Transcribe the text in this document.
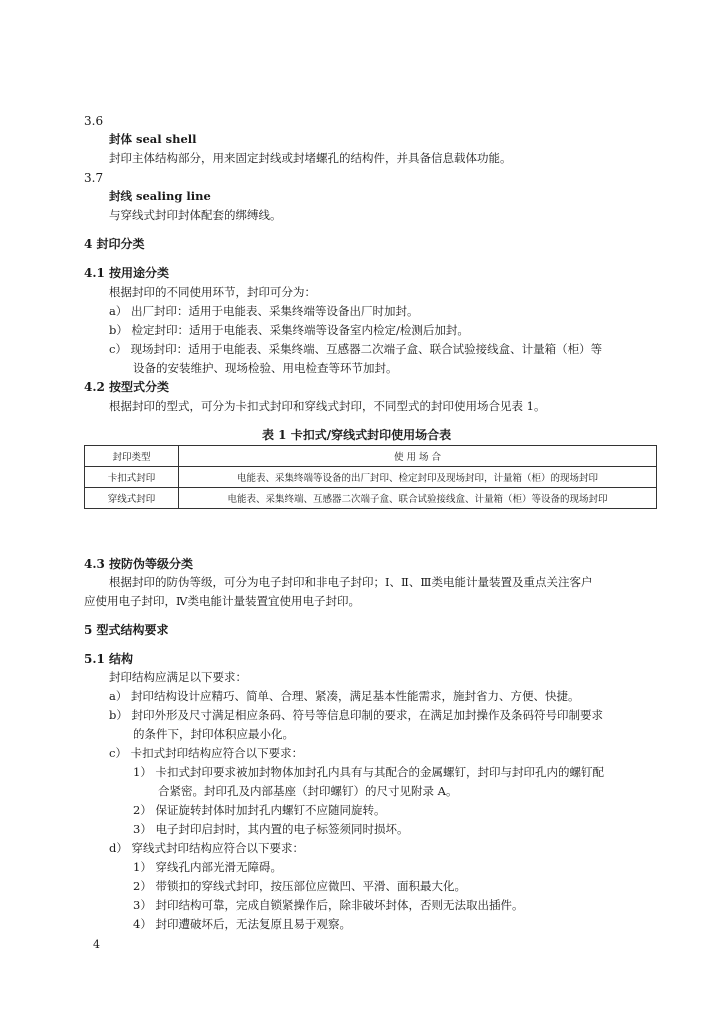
3.6
封体 seal shell
封印主体结构部分，用来固定封线或封堵螺孔的结构件，并具备信息载体功能。
3.7
封线 sealing line
与穿线式封印封体配套的绑缚线。
4 封印分类
4.1 按用途分类
根据封印的不同使用环节，封印可分为：
a） 出厂封印：适用于电能表、采集终端等设备出厂时加封。
b） 检定封印：适用于电能表、采集终端等设备室内检定/检测后加封。
c） 现场封印：适用于电能表、采集终端、互感器二次端子盒、联合试验接线盒、计量箱（柜）等
设备的安装维护、现场检验、用电检查等环节加封。
4.2 按型式分类
根据封印的型式，可分为卡扣式封印和穿线式封印，不同型式的封印使用场合见表 1。
表 1 卡扣式/穿线式封印使用场合表
封印类型	使 用 场 合
卡扣式封印	电能表、采集终端等设备的出厂封印、检定封印及现场封印，计量箱（柜）的现场封印
穿线式封印	电能表、采集终端、互感器二次端子盒、联合试验接线盒、计量箱（柜）等设备的现场封印
4.3 按防伪等级分类
根据封印的防伪等级，可分为电子封印和非电子封印；Ⅰ、Ⅱ、Ⅲ类电能计量装置及重点关注客户
应使用电子封印，Ⅳ类电能计量装置宜使用电子封印。
5 型式结构要求
5.1 结构
封印结构应满足以下要求：
a） 封印结构设计应精巧、简单、合理、紧凑，满足基本性能需求，施封省力、方便、快捷。
b） 封印外形及尺寸满足相应条码、符号等信息印制的要求，在满足加封操作及条码符号印制要求
的条件下，封印体积应最小化。
c） 卡扣式封印结构应符合以下要求：
1） 卡扣式封印要求被加封物体加封孔内具有与其配合的金属螺钉，封印与封印孔内的螺钉配
合紧密。封印孔及内部基座（封印螺钉）的尺寸见附录 A。
2） 保证旋转封体时加封孔内螺钉不应随同旋转。
3） 电子封印启封时，其内置的电子标签须同时损坏。
d） 穿线式封印结构应符合以下要求：
1） 穿线孔内部光滑无障碍。
2） 带锁扣的穿线式封印，按压部位应微凹、平滑、面积最大化。
3） 封印结构可靠，完成自锁紧操作后，除非破坏封体，否则无法取出插件。
4） 封印遭破坏后，无法复原且易于观察。
4
